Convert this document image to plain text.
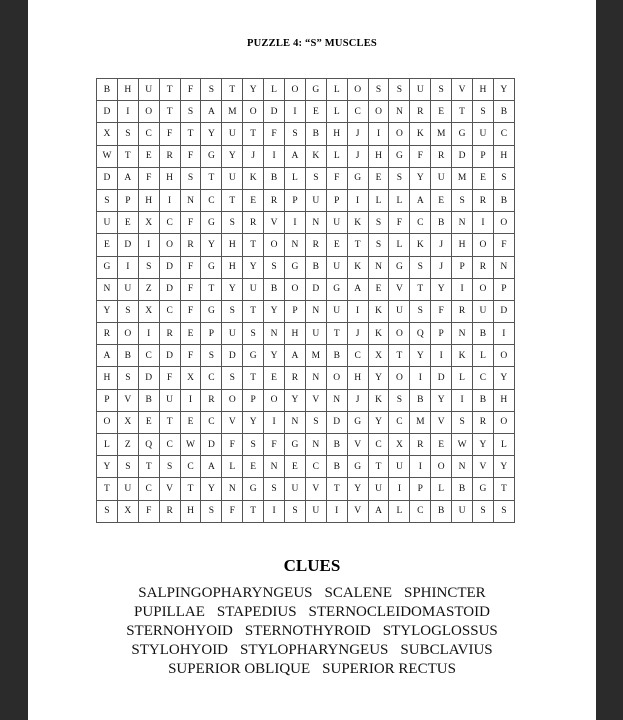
PUZZLE 4: “S” MUSCLES
B	H	U	T	F	S	T	Y	L	O	G	L	O	S	S	U	S	V	H	Y
D	I	O	T	S	A	M	O	D	I	E	L	C	O	N	R	E	T	S	B
X	S	C	F	T	Y	U	T	F	S	B	H	J	I	O	K	M	G	U	C
W	T	E	R	F	G	Y	J	I	A	K	L	J	H	G	F	R	D	P	H
D	A	F	H	S	T	U	K	B	L	S	F	G	E	S	Y	U	M	E	S
S	P	H	I	N	C	T	E	R	P	U	P	I	L	L	A	E	S	R	B
U	E	X	C	F	G	S	R	V	I	N	U	K	S	F	C	B	N	I	O
E	D	I	O	R	Y	H	T	O	N	R	E	T	S	L	K	J	H	O	F
G	I	S	D	F	G	H	Y	S	G	B	U	K	N	G	S	J	P	R	N
N	U	Z	D	F	T	Y	U	B	O	D	G	A	E	V	T	Y	I	O	P
Y	S	X	C	F	G	S	T	Y	P	N	U	I	K	U	S	F	R	U	D
R	O	I	R	E	P	U	S	N	H	U	T	J	K	O	Q	P	N	B	I
A	B	C	D	F	S	D	G	Y	A	M	B	C	X	T	Y	I	K	L	O
H	S	D	F	X	C	S	T	E	R	N	O	H	Y	O	I	D	L	C	Y
P	V	B	U	I	R	O	P	O	Y	V	N	J	K	S	B	Y	I	B	H
O	X	E	T	E	C	V	Y	I	N	S	D	G	Y	C	M	V	S	R	O
L	Z	Q	C	W	D	F	S	F	G	N	B	V	C	X	R	E	W	Y	L
Y	S	T	S	C	A	L	E	N	E	C	B	G	T	U	I	O	N	V	Y
T	U	C	V	T	Y	N	G	S	U	V	T	Y	U	I	P	L	B	G	T
S	X	F	R	H	S	F	T	I	S	U	I	V	A	L	C	B	U	S	S
CLUES
SALPINGOPHARYNGEUS SCALENE SPHINCTER
PUPILLAE STAPEDIUS STERNOCLEIDOMASTOID
STERNOHYOID STERNOTHYROID STYLOGLOSSUS
STYLOHYOID STYLOPHARYNGEUS SUBCLAVIUS
SUPERIOR OBLIQUE SUPERIOR RECTUS
